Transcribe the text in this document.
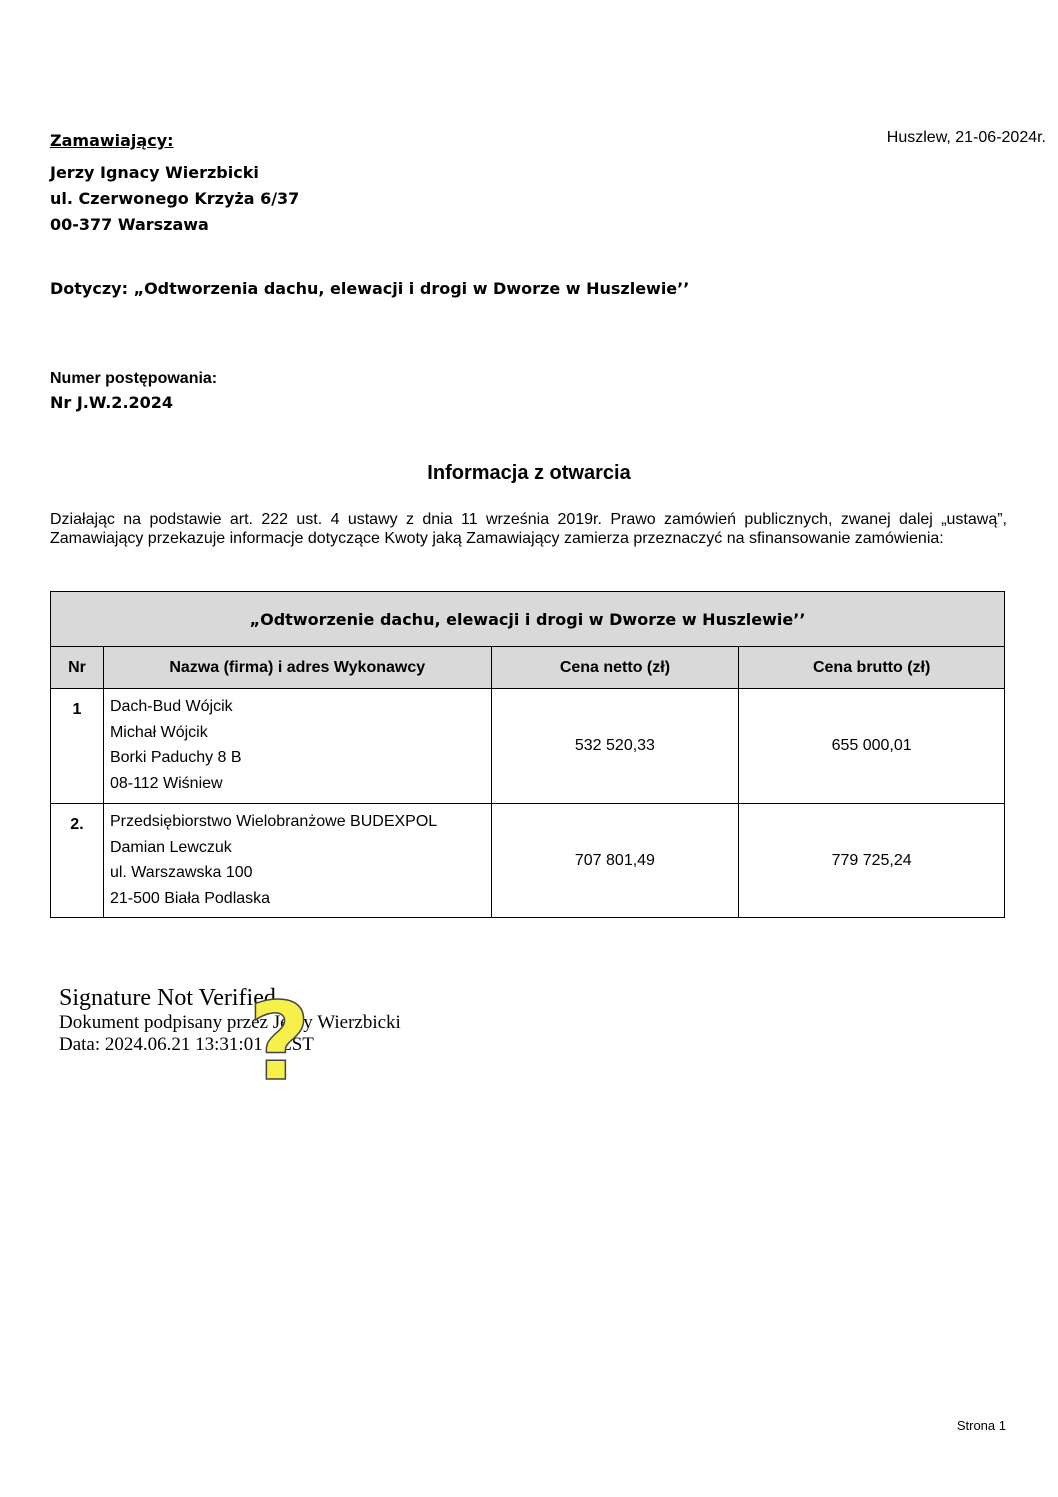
Huszlew, 21-06-2024r.
Zamawiający:
Jerzy Ignacy Wierzbicki
ul. Czerwonego Krzyża 6/37
00-377 Warszawa
Dotyczy: „Odtworzenia dachu, elewacji i drogi w Dworze w Huszlewie’’
Numer postępowania:
Nr J.W.2.2024
Informacja z otwarcia
Działając na podstawie art. 222 ust. 4 ustawy z dnia 11 września 2019r. Prawo zamówień publicznych, zwanej dalej „ustawą”, Zamawiający przekazuje informacje dotyczące Kwoty jaką Zamawiający zamierza przeznaczyć na sfinansowanie zamówienia:
„Odtworzenie dachu, elewacji i drogi w Dworze w Huszlewie’’			
Nr	Nazwa (firma) i adres Wykonawcy	Cena netto (zł)	Cena brutto (zł)
1	Dach-Bud Wójcik
Michał Wójcik
Borki Paduchy 8 B
08-112 Wiśniew	532 520,33	655 000,01
2.	Przedsiębiorstwo Wielobranżowe BUDEXPOL
Damian Lewczuk
ul. Warszawska 100
21-500 Biała Podlaska	707 801,49	779 725,24
Signature Not Verified
Dokument podpisany przez Jerzy Wierzbicki
Data: 2024.06.21 13:31:01 CEST
?
Strona 1
